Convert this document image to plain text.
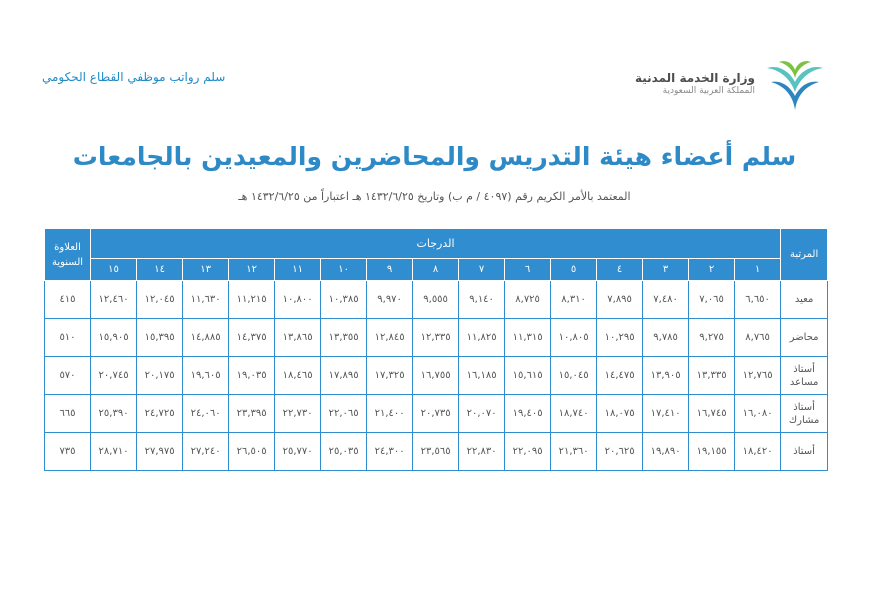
وزارة الخدمة المدنية
المملكة العربية السعودية
سلم رواتب موظفي القطاع الحكومي
سلم أعضاء هيئة التدريس والمحاضرين والمعيدين بالجامعات
المعتمد بالأمر الكريم رقم (٤٠٩٧ / م ب) وتاريخ ١٤٣٢/٦/٢٥ هـ اعتباراً من ١٤٣٢/٦/٢٥ هـ
المرتبة	الدرجات															العلاوة السنوية
	١	٢	٣	٤	٥	٦	٧	٨	٩	١٠	١١	١٢	١٣	١٤	١٥	
معيد	٦,٦٥٠	٧,٠٦٥	٧,٤٨٠	٧,٨٩٥	٨,٣١٠	٨,٧٢٥	٩,١٤٠	٩,٥٥٥	٩,٩٧٠	١٠,٣٨٥	١٠,٨٠٠	١١,٢١٥	١١,٦٣٠	١٢,٠٤٥	١٢,٤٦٠	٤١٥
محاضر	٨,٧٦٥	٩,٢٧٥	٩,٧٨٥	١٠,٢٩٥	١٠,٨٠٥	١١,٣١٥	١١,٨٢٥	١٢,٣٣٥	١٢,٨٤٥	١٣,٣٥٥	١٣,٨٦٥	١٤,٣٧٥	١٤,٨٨٥	١٥,٣٩٥	١٥,٩٠٥	٥١٠
أستاذ مساعد	١٢,٧٦٥	١٣,٣٣٥	١٣,٩٠٥	١٤,٤٧٥	١٥,٠٤٥	١٥,٦١٥	١٦,١٨٥	١٦,٧٥٥	١٧,٣٢٥	١٧,٨٩٥	١٨,٤٦٥	١٩,٠٣٥	١٩,٦٠٥	٢٠,١٧٥	٢٠,٧٤٥	٥٧٠
أستاذ مشارك	١٦,٠٨٠	١٦,٧٤٥	١٧,٤١٠	١٨,٠٧٥	١٨,٧٤٠	١٩,٤٠٥	٢٠,٠٧٠	٢٠,٧٣٥	٢١,٤٠٠	٢٢,٠٦٥	٢٢,٧٣٠	٢٣,٣٩٥	٢٤,٠٦٠	٢٤,٧٢٥	٢٥,٣٩٠	٦٦٥
أستاذ	١٨,٤٢٠	١٩,١٥٥	١٩,٨٩٠	٢٠,٦٢٥	٢١,٣٦٠	٢٢,٠٩٥	٢٢,٨٣٠	٢٣,٥٦٥	٢٤,٣٠٠	٢٥,٠٣٥	٢٥,٧٧٠	٢٦,٥٠٥	٢٧,٢٤٠	٢٧,٩٧٥	٢٨,٧١٠	٧٣٥
